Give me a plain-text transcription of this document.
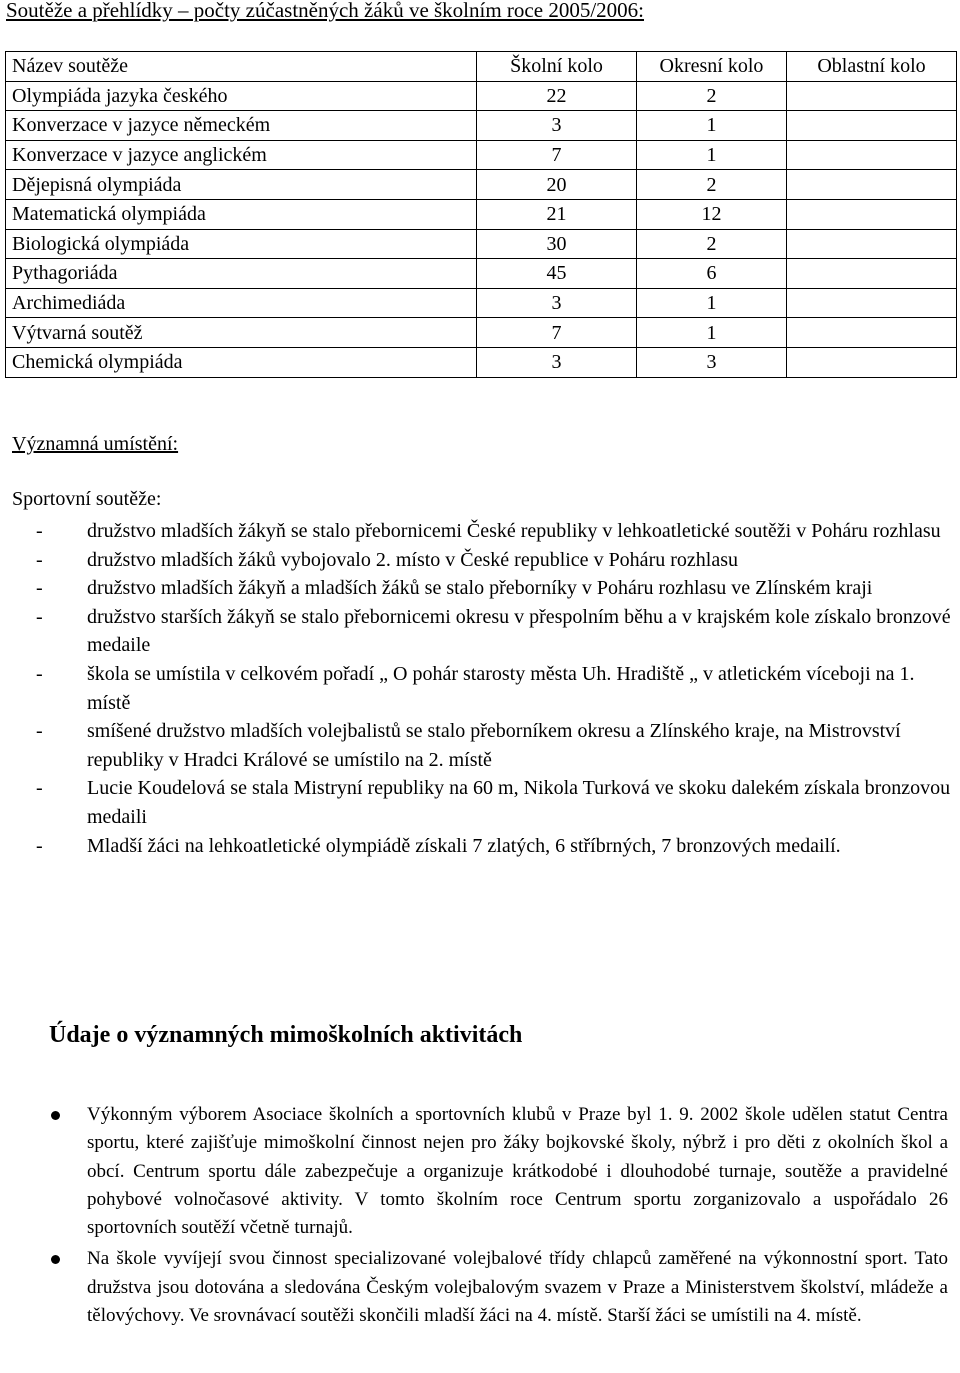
Soutěže a přehlídky – počty zúčastněných žáků ve školním roce 2005/2006:
Název soutěže	Školní kolo	Okresní kolo	Oblastní kolo
Olympiáda jazyka českého	22	2	
Konverzace v jazyce německém	3	1	
Konverzace v jazyce anglickém	7	1	
Dějepisná olympiáda	20	2	
Matematická olympiáda	21	12	
Biologická olympiáda	30	2	
Pythagoriáda	45	6	
Archimediáda	3	1	
Výtvarná soutěž	7	1	
Chemická olympiáda	3	3	
Významná umístění:
Sportovní soutěže:
- družstvo mladších žákyň se stalo přebornicemi České republiky v lehkoatletické soutěži v Poháru rozhlasu
- družstvo mladších žáků vybojovalo 2. místo v České republice v Poháru rozhlasu
- družstvo mladších žákyň a mladších žáků se stalo přeborníky v Poháru rozhlasu ve Zlínském kraji
- družstvo starších žákyň se stalo přebornicemi okresu v přespolním běhu a v krajském kole získalo bronzové medaile
- škola se umístila v celkovém pořadí „ O pohár starosty města Uh. Hradiště „ v atletickém víceboji na 1. místě
- smíšené družstvo mladších volejbalistů se stalo přeborníkem okresu a Zlínského kraje, na Mistrovství republiky v Hradci Králové se umístilo na 2. místě
- Lucie Koudelová se stala Mistryní republiky na 60 m, Nikola Turková ve skoku dalekém získala bronzovou medaili
- Mladší žáci na lehkoatletické olympiádě získali 7 zlatých, 6 stříbrných, 7 bronzových medailí.
Údaje o významných mimoškolních aktivitách
Výkonným výborem Asociace školních a sportovních klubů v Praze byl 1. 9. 2002 škole udělen statut Centra sportu, které zajišťuje mimoškolní činnost nejen pro žáky bojkovské školy, nýbrž i pro děti z okolních škol a obcí. Centrum sportu dále zabezpečuje a organizuje krátkodobé i dlouhodobé turnaje, soutěže a pravidelné pohybové volnočasové aktivity. V tomto školním roce Centrum sportu zorganizovalo a uspořádalo 26 sportovních soutěží včetně turnajů.
Na škole vyvíjejí svou činnost specializované volejbalové třídy chlapců zaměřené na výkonnostní sport. Tato družstva jsou dotována a sledována Českým volejbalovým svazem v Praze a Ministerstvem školství, mládeže a tělovýchovy. Ve srovnávací soutěži skončili mladší žáci na 4. místě. Starší žáci se umístili na 4. místě.
